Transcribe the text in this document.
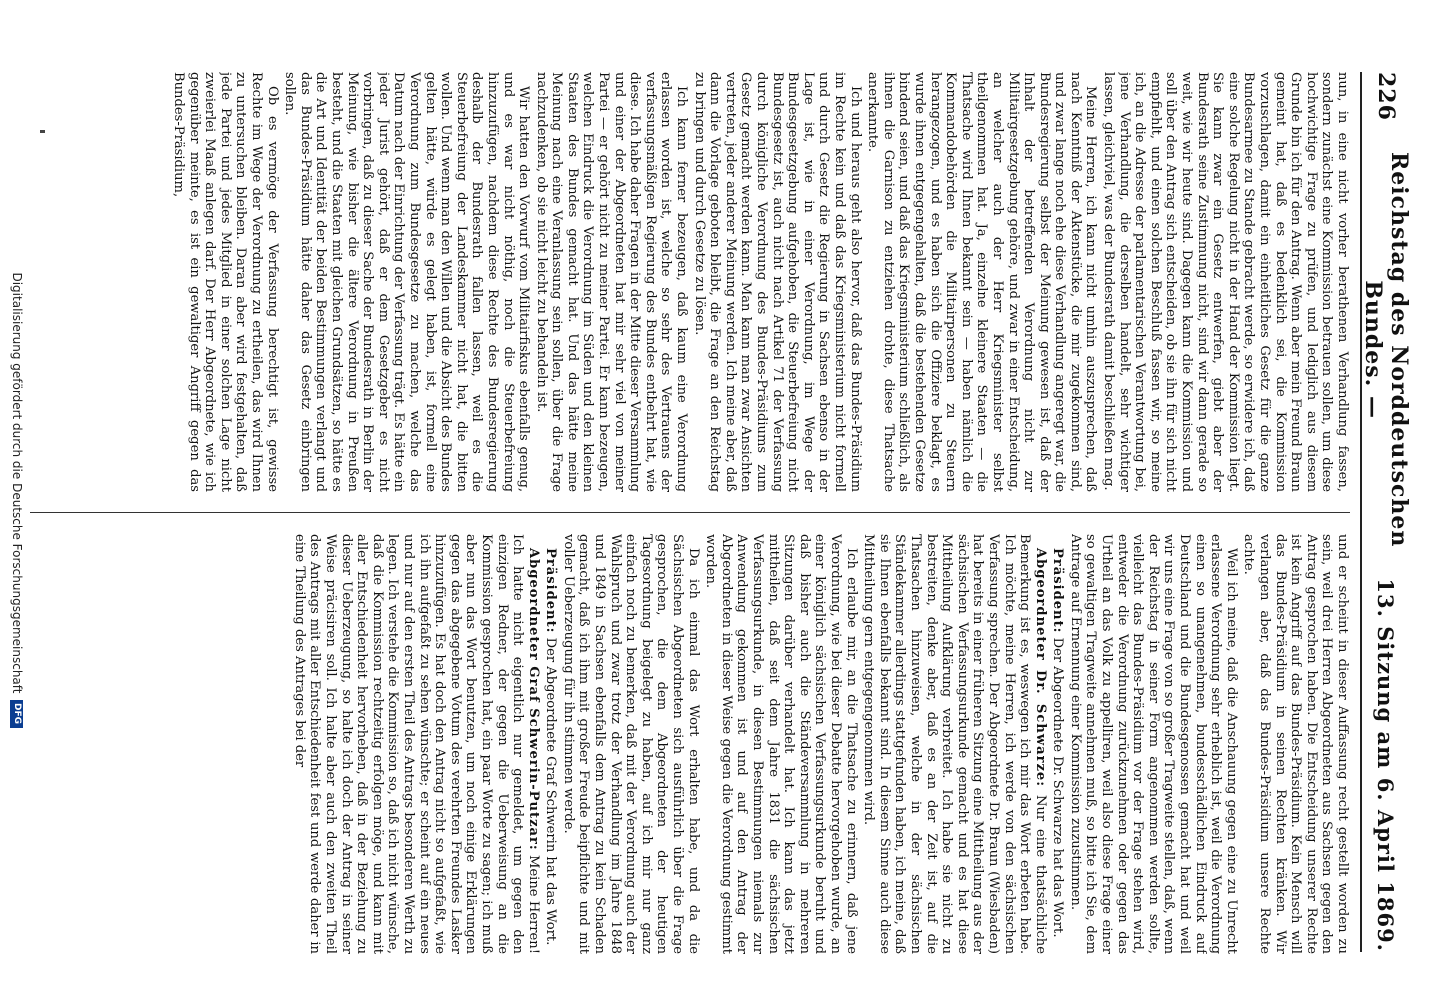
226
Reichstag des Norddeutschen Bundes. —
13. Sitzung am 6. April 1869.

nun, in eine nicht vorher berathenen Verhandlung fassen, sondern zunächst eine Kommission betrauen sollen, um diese hochwichtige Frage zu prüfen, und lediglich aus diesem Grunde bin ich für den Antrag. Wenn aber mein Freund Braun gemeint hat, daß es bedenklich sei, die Kommission vorzuschlagen, damit ein einheitliches Gesetz für die ganze Bundesarmee zu Stande gebracht werde, so erwidere ich, daß eine solche Regelung nicht in der Hand der Kommission liegt. Sie kann zwar ein Gesetz entwerfen, giebt aber der Bundesrath seine Zustimmung nicht, sind wir dann gerade so weit, wie wir heute sind. Dagegen kann die Kommission und soll über den Antrag sich entscheiden, ob sie ihn für sich nicht empfiehlt, und einen solchen Beschluß fassen wir, so meine ich, an die Adresse der parlamentarischen Verantwortung bei, jene Verhandlung, die derselben handelt, sehr wichtiger lassen, gleichviel, was der Bundesrath damit beschließen mag.

Meine Herren, ich kann nicht umhin auszusprechen, daß nach Kenntniß der Aktenstücke, die mir zugekommen sind, und zwar lange noch ehe diese Verhandlung angeregt war, die Bundesregierung selbst der Meinung gewesen ist, daß der Inhalt der betreffenden Verordnung nicht zur Militairgesetzgebung gehöre, und zwar in einer Entscheidung, an welcher auch der Herr Kriegsminister selbst theilgenommen hat. Ja, einzelne kleinere Staaten — die Thatsache wird Ihnen bekannt sein — haben nämlich die Kommandobehörden die Militairpersonen zu Steuern herangezogen, und es haben sich die Offiziere beklagt, es wurde ihnen entgegengehalten, daß die bestehenden Gesetze bindend seien, und daß das Kriegsministerium schließlich, als ihnen die Garnison zu entziehen drohte, diese Thatsache anerkannte.

Ich und heraus geht also hervor, daß das Bundes-Präsidium im Rechte kein und daß das Kriegsministerium nicht formell und durch Gesetz die Regierung in Sachsen ebenso in der Lage ist, wie in einer Verordnung, im Wege der Bundesgesetzgebung aufgehoben, die Steuerbefreiung nicht Bundesgesetz ist, auch nicht nach Artikel 71 der Verfassung durch königliche Verordnung des Bundes-Präsidiums zum Gesetz gemacht werden kann. Man kann man zwar Ansichten vertreten, jeder anderer Meinung werden. Ich meine aber, daß dann die Vorlage geboten bleibt, die Frage an den Reichstag zu bringen und durch Gesetze zu lösen.

Ich kann ferner bezeugen, daß kaum eine Verordnung erlassen worden ist, welche so sehr des Vertrauens der verfassungsmäßigen Regierung des Bundes entbehrt hat, wie diese. Ich habe daher Fragen in der Mitte dieser Versammlung und einer der Abgeordneten hat mir sehr viel von meiner Partei — er gehört nicht zu meiner Partei. Er kann bezeugen, welchen Eindruck die Verordnung im Süden und den kleinen Staaten des Bundes gemacht hat. Und das hätte meine Meinung nach eine Veranlassung sein sollen, über die Frage nachzudenken, ob sie nicht leicht zu behandeln ist.

Wir hatten den Vorwurf vom Militairfiskus ebenfalls genug, und es war nicht nöthig, noch die Steuerbefreiung hinzuzufügen, nachdem diese Rechte des Bundesregierung deshalb der Bundesrath fallen lassen, weil es die Steuerbefreiung der Landeskammer nicht hat, die bitten wollen. Und wenn man den Willen und die Absicht des Bundes gelten hätte, würde es gelegt haben, ist, formell eine Verordnung zum Bundesgesetze zu machen, welche das Datum nach der Einrichtung der Verfassung trägt. Es hätte ein jeder Jurist gehört, daß er dem Gesetzgeber es nicht vorbringen, daß zu dieser Sache der Bundesrath in Berlin der Meinung, wie bisher die ältere Verordnung in Preußen besteht, und die Staaten mit gleichen Grundsätzen, so hätte es die Art und Identität der beiden Bestimmungen verlangt und das Bundes-Präsidium hätte daher das Gesetz einbringen sollen.

Ob es vermöge der Verfassung berechtigt ist, gewisse Rechte im Wege der Verordnung zu ertheilen, das wird Ihnen zu untersuchen bleiben. Daran aber wird festgehalten, daß jede Partei und jedes Mitglied in einer solchen Lage nicht zweierlei Maaß anlegen darf. Der Herr Abgeordnete, wie ich gegenüber meinte, es ist ein gewaltiger Angriff gegen das Bundes-Präsidium,

und er scheint in dieser Auffassung recht gestellt worden zu sein, weil drei Herren Abgeordneten aus Sachsen gegen den Antrag gesprochen haben. Die Entscheidung unserer Rechte ist kein Angriff auf das Bundes-Präsidium. Kein Mensch will das Bundes-Präsidium in seinen Rechten kränken. Wir verlangen aber, daß das Bundes-Präsidium unsere Rechte achte.

Weil ich meine, daß die Anschauung gegen eine zu Unrecht erlassene Verordnung sehr erheblich ist, weil die Verordnung einen so unangenehmen, bundesschädlichen Eindruck auf Deutschland und die Bundesgenossen gemacht hat und weil wir uns eine Frage von so großer Tragweite stellen, daß, wenn der Reichstag in seiner Form angenommen werden sollte, vielleicht das Bundes-Präsidium vor der Frage stehen wird, entweder die Verordnung zurückzunehmen oder gegen das Urtheil an das Volk zu appelliren, weil also diese Frage einer so gewaltigen Tragweite annehmen muß, so bitte ich Sie, dem Antrage auf Ernennung einer Kommission zuzustimmen.

Präsident: Der Abgeordnete Dr. Schwarze hat das Wort.

Abgeordneter Dr. Schwarze: Nur eine thatsächliche Bemerkung ist es, weswegen ich mir das Wort erbeten habe. Ich möchte, meine Herren, ich werde von den sächsischen Verfassung sprechen. Der Abgeordnete Dr. Braun (Wiesbaden) hat bereits in einer früheren Sitzung eine Mittheilung aus der sächsischen Verfassungsurkunde gemacht und es hat diese Mittheilung Aufklärung verbreitet. Ich habe sie nicht zu bestreiten, denke aber, daß es an der Zeit ist, auf die Thatsachen hinzuweisen, welche in der sächsischen Ständekammer allerdings stattgefunden haben, ich meine, daß sie Ihnen ebenfalls bekannt sind. In diesem Sinne auch diese Mittheilung gern entgegengenommen wird.

Ich erlaube mir, an die Thatsache zu erinnern, daß jene Verordnung, wie bei dieser Debatte hervorgehoben wurde, an einer königlich sächsischen Verfassungsurkunde beruht und daß bisher auch die Ständeversammlung in mehreren Sitzungen darüber verhandelt hat. Ich kann das jetzt mittheilen, daß seit dem Jahre 1831 die sächsischen Verfassungsurkunde, in diesen Bestimmungen niemals zur Anwendung gekommen ist und auf den Antrag der Abgeordneten in dieser Weise gegen die Verordnung gestimmt worden.

Da ich einmal das Wort erhalten habe, und da die Sächsischen Abgeordneten sich ausführlich über die Frage gesprochen, die dem Abgeordneten der heutigen Tagesordnung beigelegt zu haben, auf ich mir nur ganz einfach noch zu bemerken, daß mit der Verordnung auch der Wahlspruch und zwar trotz der Verhandlung im Jahre 1848 und 1849 in Sachsen ebenfalls dem Antrag zu kein Schaden gemacht, daß ich ihm mit großer Freude beipflichte und mit voller Ueberzeugung für ihn stimmen werde.

Präsident: Der Abgeordnete Graf Schwerin hat das Wort.

Abgeordneter Graf Schwerin-Putzar: Meine Herren! Ich hatte nicht eigentlich nur gemeldet, um gegen den einzigen Redner, der gegen die Ueberweisung an die Kommission gesprochen hat, ein paar Worte zu sagen; ich muß aber nun das Wort benutzen, um noch einige Erklärungen gegen das abgegebene Votum des verehrten Freundes Lasker hinzuzufügen. Es hat doch den Antrag nicht so aufgefaßt, wie ich ihn aufgefaßt zu sehen wünschte; er scheint auf ein neues und nur auf den ersten Theil des Antrags besonderen Werth zu legen. Ich verstehe die Kommission so, daß ich nicht wünsche, daß die Kommission rechtzeitig erfolgen möge, und kann mit aller Entschiedenheit hervorheben, daß in der Beziehung zu dieser Ueberzeugung, so halte ich doch der Antrag in seiner Weise präcisiren soll. Ich halte aber auch den zweiten Theil des Antrags mit aller Entschiedenheit fest und werde daher in eine Theilung des Antrages bei der

Digitalisierung gefördert durch die Deutsche Forschungsgemeinschaft
DFG
